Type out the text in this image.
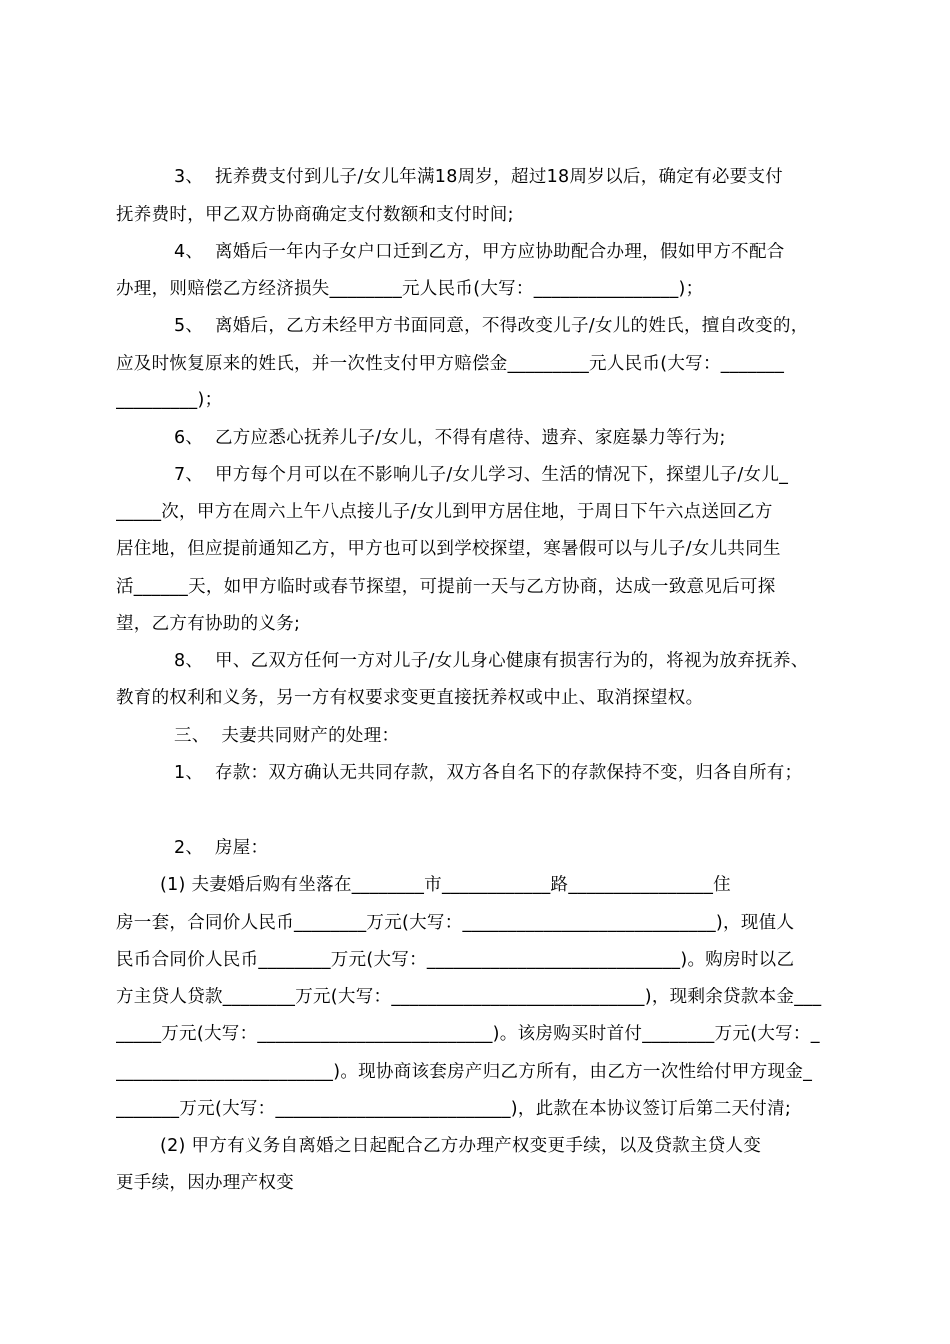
3、  抚养费支付到儿子/女儿年满18周岁，超过18周岁以后，确定有必要支付
抚养费时，甲乙双方协商确定支付数额和支付时间;
4、  离婚后一年内子女户口迁到乙方，甲方应协助配合办理，假如甲方不配合
办理，则赔偿乙方经济损失________元人民币(大写：________________)；
5、  离婚后，乙方未经甲方书面同意，不得改变儿子/女儿的姓氏，擅自改变的，
应及时恢复原来的姓氏，并一次性支付甲方赔偿金_________元人民币(大写：_______
_________)；
6、  乙方应悉心抚养儿子/女儿，不得有虐待、遗弃、家庭暴力等行为;
7、  甲方每个月可以在不影响儿子/女儿学习、生活的情况下，探望儿子/女儿_
_____次，甲方在周六上午八点接儿子/女儿到甲方居住地，于周日下午六点送回乙方
居住地，但应提前通知乙方，甲方也可以到学校探望，寒暑假可以与儿子/女儿共同生
活______天，如甲方临时或春节探望，可提前一天与乙方协商，达成一致意见后可探
望，乙方有协助的义务;
8、  甲、乙双方任何一方对儿子/女儿身心健康有损害行为的，将视为放弃抚养、
教育的权利和义务，另一方有权要求变更直接抚养权或中止、取消探望权。
三、  夫妻共同财产的处理：
1、  存款：双方确认无共同存款，双方各自名下的存款保持不变，归各自所有；
2、  房屋：
(1) 夫妻婚后购有坐落在________市____________路________________住
房一套，合同价人民币________万元(大写：____________________________)，现值人
民币合同价人民币________万元(大写：____________________________)。购房时以乙
方主贷人贷款________万元(大写：____________________________)，现剩余贷款本金___
_____万元(大写：__________________________)。该房购买时首付________万元(大写：_
________________________)。现协商该套房产归乙方所有，由乙方一次性给付甲方现金_
_______万元(大写：__________________________)，此款在本协议签订后第二天付清;
(2) 甲方有义务自离婚之日起配合乙方办理产权变更手续，以及贷款主贷人变
更手续，因办理产权变
